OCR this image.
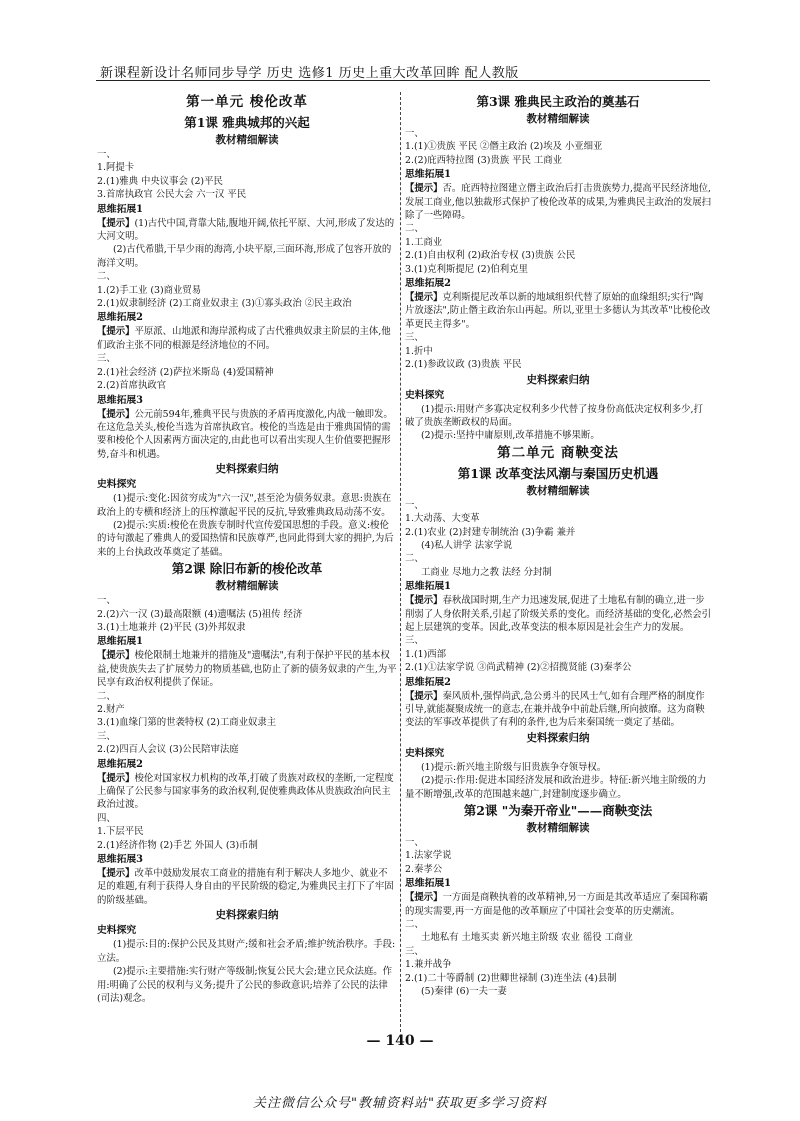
新课程新设计名师同步导学 历史 选修1 历史上重大改革回眸 配人教版
第一单元 梭伦改革
第1课 雅典城邦的兴起
教材精细解读
一、
1.阿提卡
2.(1)雅典 中央议事会 (2)平民
3.首席执政官 公民大会 六一汉 平民
思维拓展1
【提示】(1)古代中国,背靠大陆,腹地开阔,依托平原、大河,形成了发达的大河文明。
(2)古代希腊,干旱少雨的海湾,小块平原,三面环海,形成了包容开放的海洋文明。
二、
1.(2)手工业 (3)商业贸易
2.(1)奴隶制经济 (2)工商业奴隶主 (3)①寡头政治 ②民主政治
思维拓展2
【提示】平原派、山地派和海岸派构成了古代雅典奴隶主阶层的主体,他们政治主张不同的根源是经济地位的不同。
三、
2.(1)社会经济 (2)萨拉米斯岛 (4)爱国精神
2.(2)首席执政官
思维拓展3
【提示】公元前594年,雅典平民与贵族的矛盾再度激化,内战一触即发。在这危急关头,梭伦当选为首席执政官。梭伦的当选是由于雅典国情的需要和梭伦个人因素两方面决定的,由此也可以看出实现人生价值要把握形势,奋斗和机遇。
史料探索归纳
史料探究
(1)提示:变化:因贫穷成为"六一汉",甚至沦为债务奴隶。意思:贵族在政治上的专横和经济上的压榨激起平民的反抗,导致雅典政局动荡不安。
(2)提示:实质:梭伦在贵族专制时代宣传爱国思想的手段。意义:梭伦的诗句激起了雅典人的爱国热情和民族尊严,也同此得到大家的拥护,为后来的上台执政改革奠定了基础。
第2课 除旧布新的梭伦改革
教材精细解读
一、
2.(2)六一汉 (3)最高限额 (4)遗嘱法 (5)祖传 经济
3.(1)土地兼并 (2)平民 (3)外邦奴隶
思维拓展1
【提示】梭伦限制土地兼并的措施及"遗嘱法",有利于保护平民的基本权益,使贵族失去了扩展势力的物质基础,也防止了新的债务奴隶的产生,为平民享有政治权利提供了保证。
二、
2.财产
3.(1)血缘门第的世袭特权 (2)工商业奴隶主
三、
2.(2)四百人会议 (3)公民陪审法庭
思维拓展2
【提示】梭伦对国家权力机构的改革,打破了贵族对政权的垄断,一定程度上确保了公民参与国家事务的政治权利,促使雅典政体从贵族政治向民主政治过渡。
四、
1.下层平民
2.(1)经济作物 (2)手艺 外国人 (3)币制
思维拓展3
【提示】改革中鼓励发展农工商业的措施有利于解决人多地少、就业不足的难题,有利于获得人身自由的平民阶级的稳定,为雅典民主打下了牢固的阶级基础。
史料探索归纳
史料探究
(1)提示:目的:保护公民及其财产;缓和社会矛盾;维护统治秩序。手段:立法。
(2)提示:主要措施:实行财产等级制;恢复公民大会;建立民众法庭。作用:明确了公民的权利与义务;提升了公民的参政意识;培养了公民的法律(司法)观念。
第3课 雅典民主政治的奠基石
教材精细解读
一、
1.(1)①贵族 平民 ②僭主政治 (2)埃及 小亚细亚
2.(2)庇西特拉图 (3)贵族 平民 工商业
思维拓展1
【提示】否。庇西特拉图建立僭主政治后打击贵族势力,提高平民经济地位,发展工商业,他以独裁形式保护了梭伦改革的成果,为雅典民主政治的发展扫除了一些障碍。
二、
1.工商业
2.(1)自由权利 (2)政治专权 (3)贵族 公民
3.(1)克利斯提尼 (2)伯利克里
思维拓展2
【提示】克利斯提尼改革以新的地域组织代替了原始的血缘组织;实行"陶片放逐法",防止僭主政治东山再起。所以,亚里士多德认为其改革"比梭伦改革更民主得多"。
三、
1.折中
2.(1)参政议政 (3)贵族 平民
史料探索归纳
史料探究
(1)提示:用财产多寡决定权利多少代替了按身份高低决定权利多少,打破了贵族垄断政权的局面。
(2)提示:坚持中庸原则,改革措施不够果断。
第二单元 商鞅变法
第1课 改革变法风潮与秦国历史机遇
教材精细解读
一、
1.大动荡、大变革
2.(1)农业 (2)封建专制统治 (3)争霸 兼并
(4)私人讲学 法家学说
二、
工商业 尽地力之教 法经 分封制
思维拓展1
【提示】春秋战国时期,生产力迅速发展,促进了土地私有制的确立,进一步削弱了人身依附关系,引起了阶级关系的变化。而经济基础的变化,必然会引起上层建筑的变革。因此,改革变法的根本原因是社会生产力的发展。
三、
1.(1)西部
2.(1)①法家学说 ③尚武精神 (2)②招揽贤能 (3)秦孝公
思维拓展2
【提示】秦风质朴,强悍尚武,急公勇斗的民风士气,如有合理严格的制度作引导,就能凝聚成统一的意志,在兼并战争中前赴后继,所向披靡。这为商鞅变法的军事改革提供了有利的条件,也为后来秦国统一奠定了基础。
史料探索归纳
史料探究
(1)提示:新兴地主阶级与旧贵族争夺领导权。
(2)提示:作用:促进本国经济发展和政治进步。特征:新兴地主阶级的力量不断增强,改革的范围越来越广,封建制度逐步确立。
第2课 "为秦开帝业"——商鞅变法
教材精细解读
一、
1.法家学说
2.秦孝公
思维拓展1
【提示】一方面是商鞅执着的改革精神,另一方面是其改革适应了秦国称霸的现实需要,再一方面是他的改革顺应了中国社会变革的历史潮流。
二、
土地私有 土地买卖 新兴地主阶级 农业 徭役 工商业
三、
1.兼并战争
2.(1)二十等爵制 (2)世卿世禄制 (3)连坐法 (4)县制
(5)秦律 (6)一夫一妻
— 140 —
关注微信公众号"教辅资料站"获取更多学习资料
